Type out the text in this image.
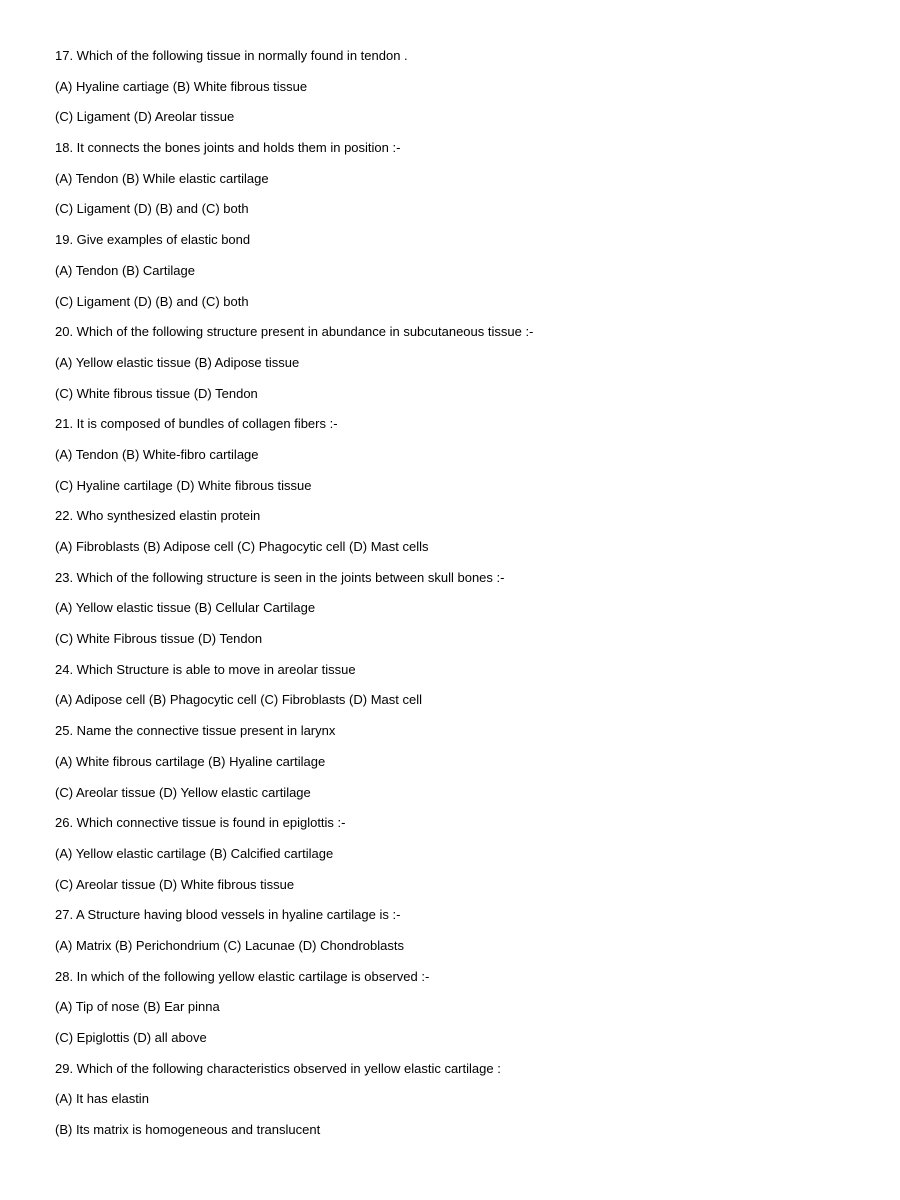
17. Which of the following tissue in normally found in tendon .
(A) Hyaline cartiage (B) White fibrous tissue
(C) Ligament (D) Areolar tissue
18. It connects the bones joints and holds them in position :-
(A) Tendon (B) While elastic cartilage
(C) Ligament (D) (B) and (C) both
19. Give examples of elastic bond
(A) Tendon (B) Cartilage
(C) Ligament (D) (B) and (C) both
20. Which of the following structure present in abundance in subcutaneous tissue :-
(A) Yellow elastic tissue (B) Adipose tissue
(C) White fibrous tissue (D) Tendon
21. It is composed of bundles of collagen fibers :-
(A) Tendon (B) White-fibro cartilage
(C) Hyaline cartilage (D) White fibrous tissue
22. Who synthesized elastin protein
(A) Fibroblasts (B) Adipose cell (C) Phagocytic cell (D) Mast cells
23. Which of the following structure is seen in the joints between skull bones :-
(A) Yellow elastic tissue (B) Cellular Cartilage
(C) White Fibrous tissue (D) Tendon
24. Which Structure is able to move in areolar tissue
(A) Adipose cell (B) Phagocytic cell (C) Fibroblasts (D) Mast cell
25. Name the connective tissue present in larynx
(A) White fibrous cartilage (B) Hyaline cartilage
(C) Areolar tissue (D) Yellow elastic cartilage
26. Which connective tissue is found in epiglottis :-
(A) Yellow elastic cartilage (B) Calcified cartilage
(C) Areolar tissue (D) White fibrous tissue
27. A Structure having blood vessels in hyaline cartilage is :-
(A) Matrix (B) Perichondrium (C) Lacunae (D) Chondroblasts
28. In which of the following yellow elastic cartilage is observed :-
(A) Tip of nose (B) Ear pinna
(C) Epiglottis (D) all above
29. Which of the following characteristics observed in yellow elastic cartilage :
(A) It has elastin
(B) Its matrix is homogeneous and translucent
